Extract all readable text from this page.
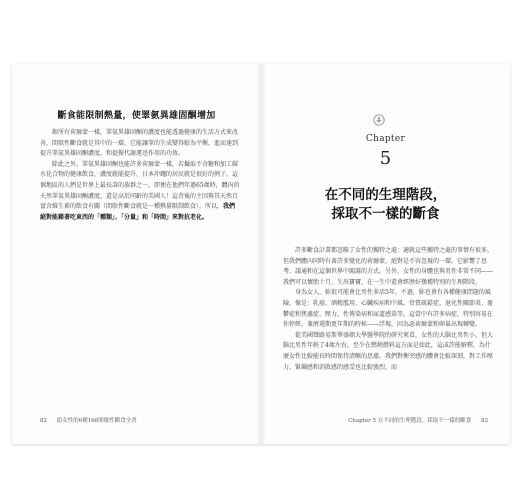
斷食能限制熱量，使睪氨異雄固酮增加

銀所有荷爾蒙一樣，睪氨異雄固酮的濃度也能透過健康的生活方式來改善，間歇性斷食就是其中的一環。它能讓睪的生成變得較為平衡，進而達到提升睪氨異雄固酮濃度，和提振代謝運送作用的功效。

除此之外，睪氨異雄固酮也能許多荷爾蒙一樣，若攝取不含糖和加工碳水化合物的健康飲食，濃度就能提升，日本沖繩的居民就是很好的例子，這個地區的人們是世界上最長壽的族群之一，即便在他們年過65歲時，體內的天然睪氨異雄固酮濃度，還是高於同齡的美國人！這背後的主因與其天然且富含維生素的飲食有關（間歇性斷食就是一種熱量限制飲食），所以，我們絕對能藉著吃東西的「種類」、「分量」和「時間」來對抗老化。

82 給女性的6種168間歇性斷食全書
Chapter
5
在不同的生理階段，
採取不一樣的斷食

許多斷食計畫都忽略了女性的獨特之處：適就這些獨特之處的事情有很多，但我們體內同時有著許多變化的荷爾蒙，絕對是不容忽視的一環。它影響了思考、議通和在這個世界中闖蕩的方式。另外，女性的身體也與男性非常不同——我們可以懷胎十月，生出寶寶，在一生中還會經歷好幾種特別的生理階段。

身為女人，妳很可能會比男性多活5年，不過，妳也會有各種健康問題的風險，像是：乳癌、酒精濫用、心臟疾病和中風、骨質疏鬆症、退化性關節炎、憂鬱症和焦慮症、壓力，性傳染病和尿道感染等。這當中有許多病症，特別容易在你停經、兼濟週期更年期的時候——浮現，因為惡荷爾蒙和卵巢出現轉變。

從美國聲路易斯華盛頓大學醫學院的研究來看，女性的大腦比男性小，但大腦比男性年輕了4歲左右，至少在燃燒燃料這方面是如此，這或許能解釋，為什麼女性比較能長時間保持清晰的思慮。我們對衡突感的體會比較深刻，對工作壓力，緊繃感和消敗感的感受也比較強烈，而

Chapter 5 在不同的生理階段，採取不一樣的斷食 83
